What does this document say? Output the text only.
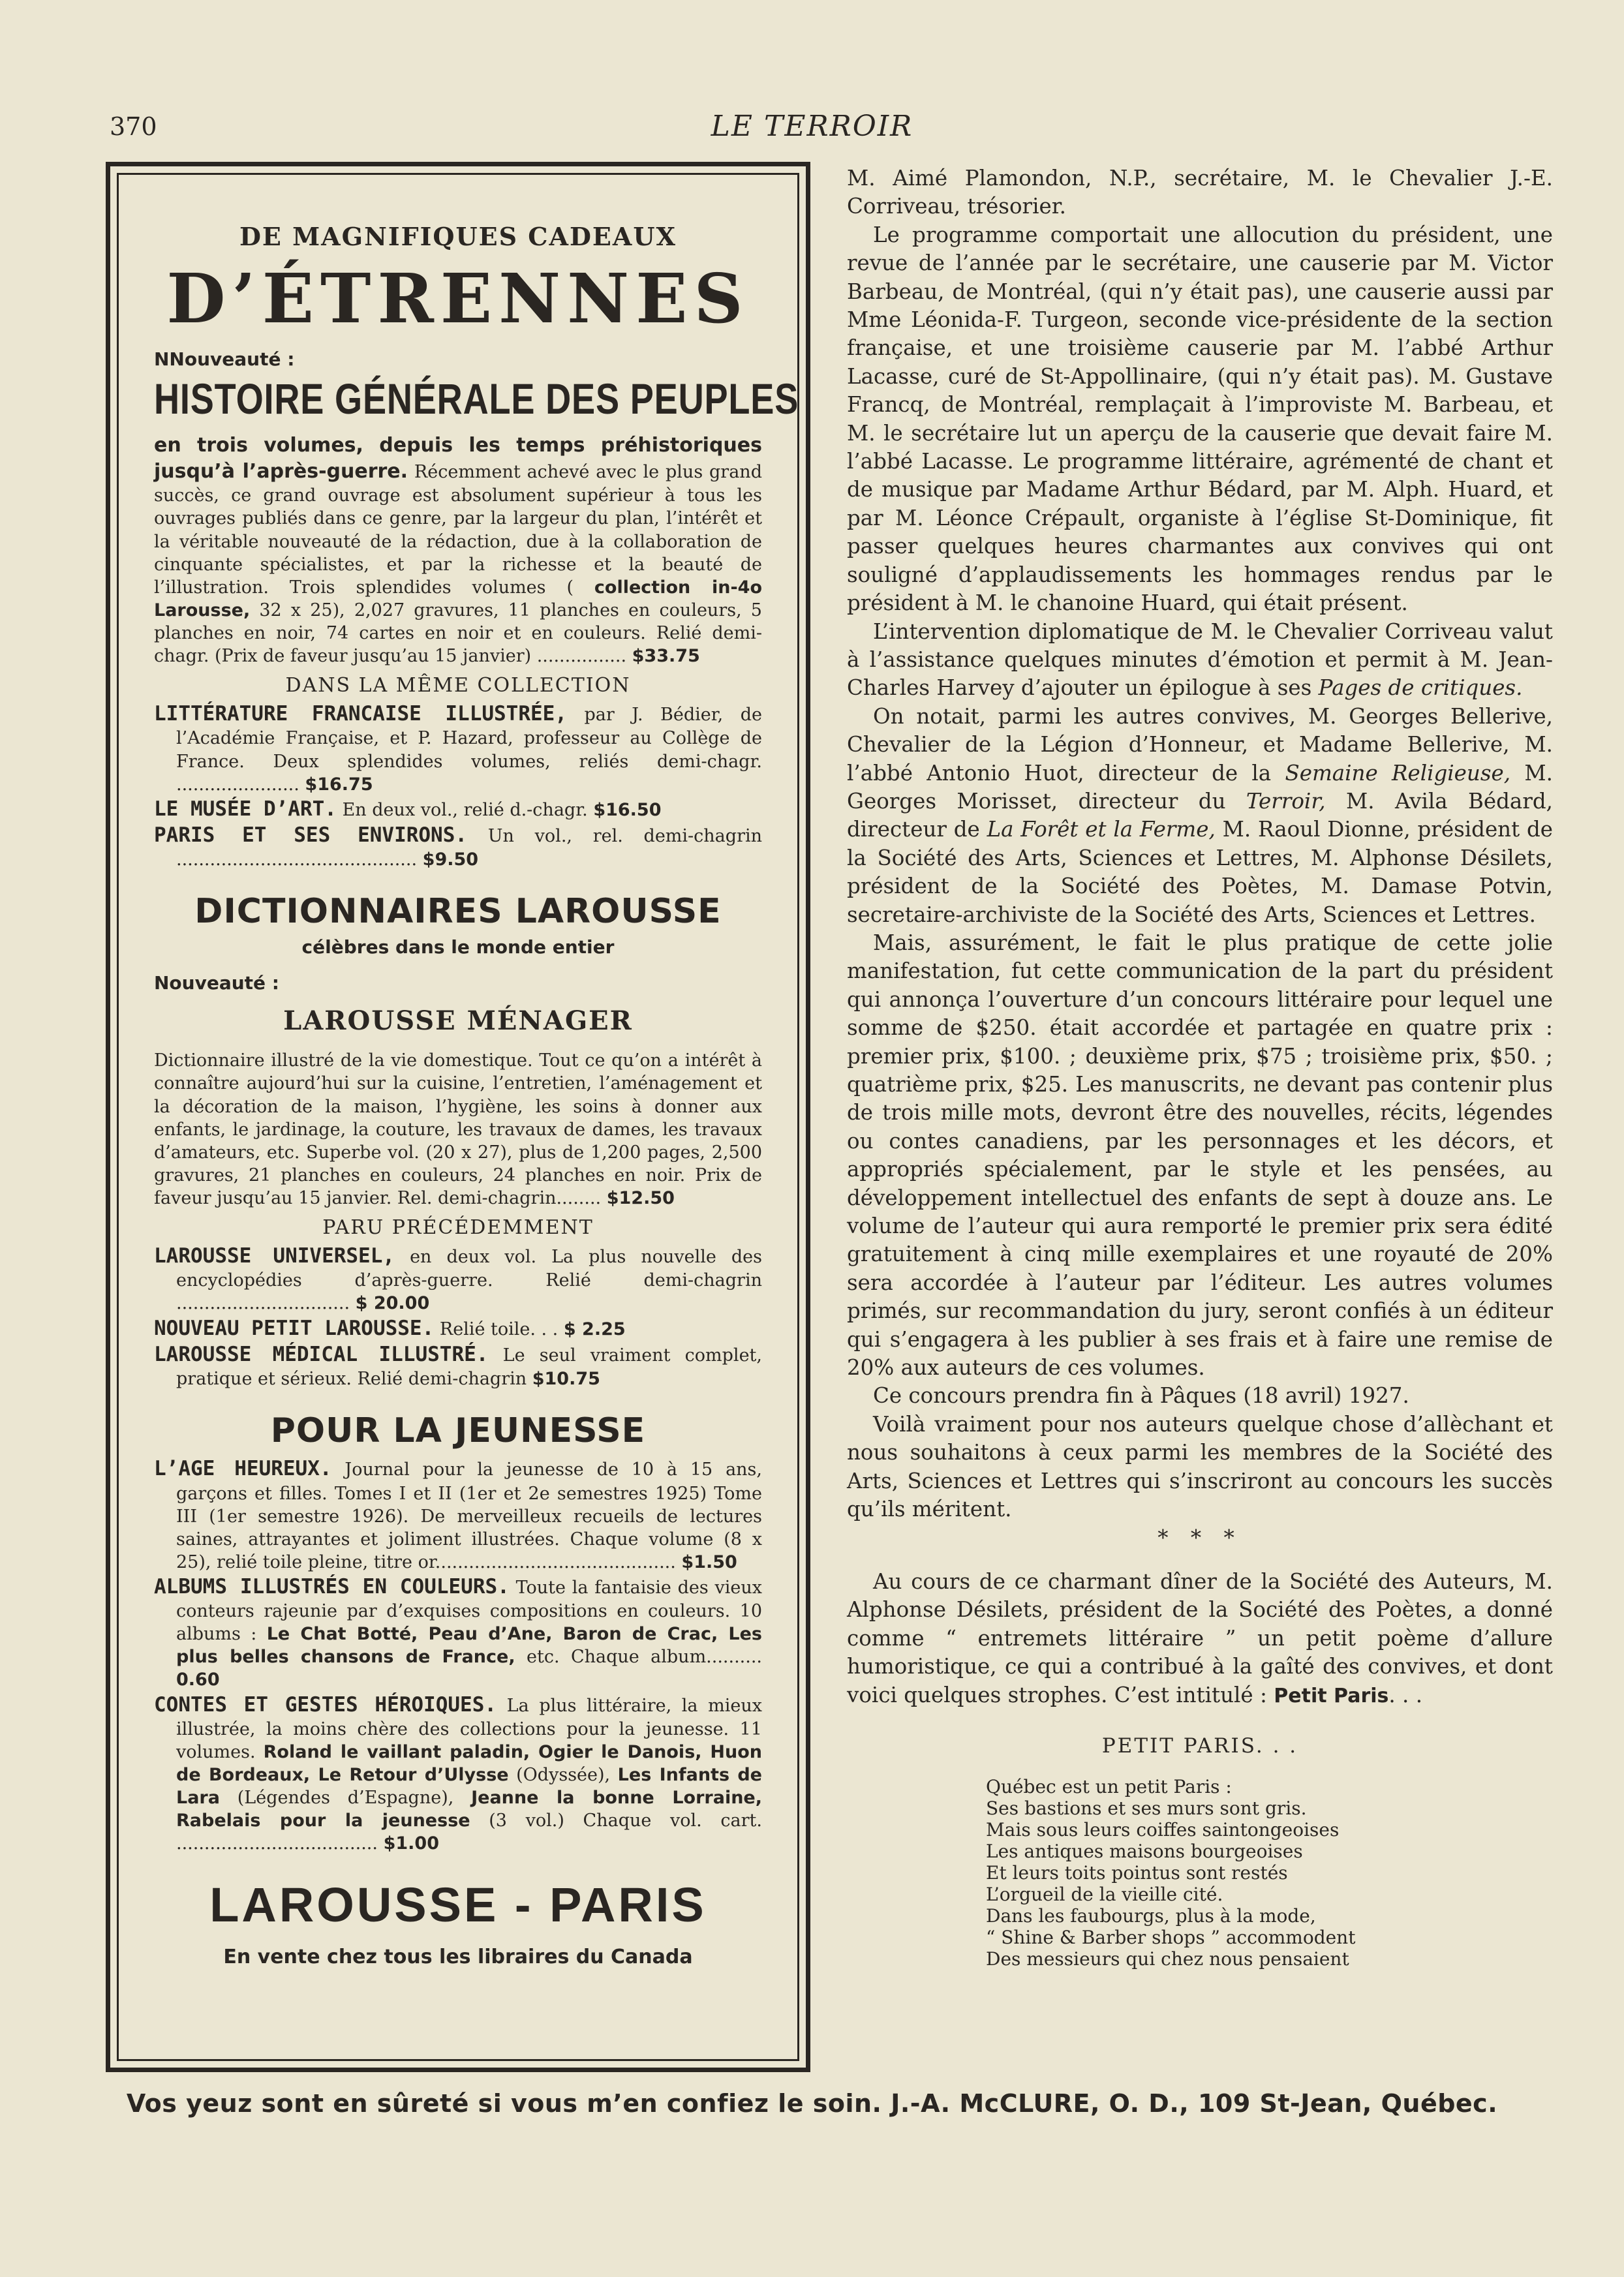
370	LE TERROIR
DE MAGNIFIQUES CADEAUX
D’ÉTRENNES
NNouveauté :
HISTOIRE GÉNÉRALE DES PEUPLES

en trois volumes, depuis les temps préhistoriques jusqu’à l’après-guerre. Récemment achevé avec le plus grand succès, ce grand ouvrage est absolument supérieur à tous les ouvrages publiés dans ce genre, par la largeur du plan, l’intérêt et la véritable nouveauté de la rédaction, due à la collaboration de cinquante spécialistes, et par la richesse et la beauté de l’illustration. Trois splendides volumes ( collection in-4o Larousse, 32 x 25), 2,027 gravures, 11 planches en couleurs, 5 planches en noir, 74 cartes en noir et en couleurs. Relié demi-chagr. (Prix de faveur jusqu’au 15 janvier) ................ $33.75

DANS LA MÊME COLLECTION
LITTÉRATURE FRANCAISE ILLUSTRÉE, par J. Bédier, de l’Académie Française, et P. Hazard, professeur au Collège de France. Deux splendides volumes, reliés demi-chagr. ...................... $16.75
LE MUSÉE D’ART. En deux vol., relié d.-chagr. $16.50
PARIS ET SES ENVIRONS. Un vol., rel. demi-chagrin ........................................... $9.50
DICTIONNAIRES LAROUSSE
célèbres dans le monde entier
Nouveauté :
LAROUSSE MÉNAGER

Dictionnaire illustré de la vie domestique. Tout ce qu’on a intérêt à connaître aujourd’hui sur la cuisine, l’entretien, l’aménagement et la décoration de la maison, l’hygiène, les soins à donner aux enfants, le jardinage, la couture, les travaux de dames, les travaux d’amateurs, etc. Superbe vol. (20 x 27), plus de 1,200 pages, 2,500 gravures, 21 planches en couleurs, 24 planches en noir. Prix de faveur jusqu’au 15 janvier. Rel. demi-chagrin........ $12.50

PARU PRÉCÉDEMMENT
LAROUSSE UNIVERSEL, en deux vol. La plus nouvelle des encyclopédies d’après-guerre. Relié demi-chagrin ............................... $ 20.00
NOUVEAU PETIT LAROUSSE. Relié toile. . . $ 2.25
LAROUSSE MÉDICAL ILLUSTRÉ. Le seul vraiment complet, pratique et sérieux. Relié demi-chagrin $10.75
POUR LA JEUNESSE
L’AGE HEUREUX. Journal pour la jeunesse de 10 à 15 ans, garçons et filles. Tomes I et II (1er et 2e semestres 1925) Tome III (1er semestre 1926). De merveilleux recueils de lectures saines, attrayantes et joliment illustrées. Chaque volume (8 x 25), relié toile pleine, titre or........................................... $1.50
ALBUMS ILLUSTRÉS EN COULEURS. Toute la fantaisie des vieux conteurs rajeunie par d’exquises compositions en couleurs. 10 albums : Le Chat Botté, Peau d’Ane, Baron de Crac, Les plus belles chansons de France, etc. Chaque album.......... 0.60
CONTES ET GESTES HÉROIQUES. La plus littéraire, la mieux illustrée, la moins chère des collections pour la jeunesse. 11 volumes. Roland le vaillant paladin, Ogier le Danois, Huon de Bordeaux, Le Retour d’Ulysse (Odyssée), Les Infants de Lara (Légendes d’Espagne), Jeanne la bonne Lorraine, Rabelais pour la jeunesse (3 vol.) Chaque vol. cart. .................................... $1.00
LAROUSSE - PARIS
En vente chez tous les libraires du Canada

M. Aimé Plamondon, N.P., secrétaire, M. le Chevalier J.-E. Corriveau, trésorier.

Le programme comportait une allocution du président, une revue de l’année par le secrétaire, une causerie par M. Victor Barbeau, de Montréal, (qui n’y était pas), une causerie aussi par Mme Léonida-F. Turgeon, seconde vice-présidente de la section française, et une troisième causerie par M. l’abbé Arthur Lacasse, curé de St-Appollinaire, (qui n’y était pas). M. Gustave Francq, de Montréal, remplaçait à l’improviste M. Barbeau, et M. le secrétaire lut un aperçu de la causerie que devait faire M. l’abbé Lacasse. Le programme littéraire, agrémenté de chant et de musique par Madame Arthur Bédard, par M. Alph. Huard, et par M. Léonce Crépault, organiste à l’église St-Dominique, fit passer quelques heures charmantes aux convives qui ont souligné d’applaudissements les hommages rendus par le président à M. le chanoine Huard, qui était présent.

L’intervention diplomatique de M. le Chevalier Corriveau valut à l’assistance quelques minutes d’émotion et permit à M. Jean-Charles Harvey d’ajouter un épilogue à ses Pages de critiques.

On notait, parmi les autres convives, M. Georges Bellerive, Chevalier de la Légion d’Honneur, et Madame Bellerive, M. l’abbé Antonio Huot, directeur de la Semaine Religieuse, M. Georges Morisset, directeur du Terroir, M. Avila Bédard, directeur de La Forêt et la Ferme, M. Raoul Dionne, président de la Société des Arts, Sciences et Lettres, M. Alphonse Désilets, président de la Société des Poètes, M. Damase Potvin, secretaire-archiviste de la Société des Arts, Sciences et Lettres.

Mais, assurément, le fait le plus pratique de cette jolie manifestation, fut cette communication de la part du président qui annonça l’ouverture d’un concours littéraire pour lequel une somme de $250. était accordée et partagée en quatre prix : premier prix, $100. ; deuxième prix, $75 ; troisième prix, $50. ; quatrième prix, $25. Les manuscrits, ne devant pas contenir plus de trois mille mots, devront être des nouvelles, récits, légendes ou contes canadiens, par les personnages et les décors, et appropriés spécialement, par le style et les pensées, au développement intellectuel des enfants de sept à douze ans. Le volume de l’auteur qui aura remporté le premier prix sera édité gratuitement à cinq mille exemplaires et une royauté de 20% sera accordée à l’auteur par l’éditeur. Les autres volumes primés, sur recommandation du jury, seront confiés à un éditeur qui s’engagera à les publier à ses frais et à faire une remise de 20% aux auteurs de ces volumes.

Ce concours prendra fin à Pâques (18 avril) 1927.

Voilà vraiment pour nos auteurs quelque chose d’allèchant et nous souhaitons à ceux parmi les membres de la Société des Arts, Sciences et Lettres qui s’inscriront au concours les succès qu’ils méritent.

* * *

Au cours de ce charmant dîner de la Société des Auteurs, M. Alphonse Désilets, président de la Société des Poètes, a donné comme “ entremets littéraire ” un petit poème d’allure humoristique, ce qui a contribué à la gaîté des convives, et dont voici quelques strophes. C’est intitulé : Petit Paris. . .

PETIT PARIS. . .

Québec est un petit Paris :
Ses bastions et ses murs sont gris.
Mais sous leurs coiffes saintongeoises
Les antiques maisons bourgeoises
Et leurs toits pointus sont restés
L’orgueil de la vieille cité.
Dans les faubourgs, plus à la mode,
“ Shine & Barber shops ” accommodent
Des messieurs qui chez nous pensaient
Vos yeuz sont en sûreté si vous m’en confiez le soin. J.-A. McCLURE, O. D., 109 St-Jean, Québec.
